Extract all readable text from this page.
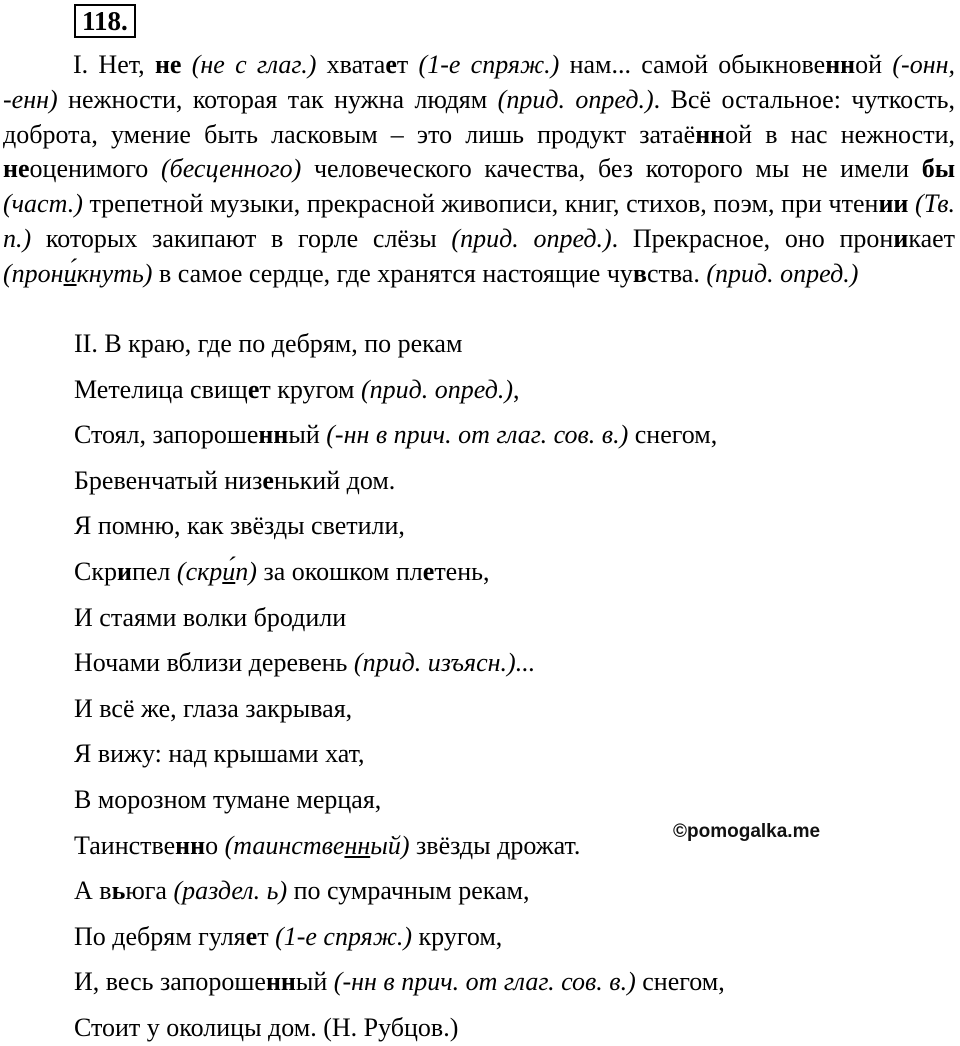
118.
I. Нет, не (не с глаг.) хватaет (1-е спряж.) нам... самой обыкновенной (-онн, -енн) нежности, которая так нужна людям (прид. опред.). Всё остальное: чуткость, доброта, умение быть ласковым – это лишь продукт затаённой в нас нежности, неоценимого (бесценного) человеческого качества, без которого мы не имели бы (част.) трепетной музыки, прекрасной живописи, книг, стихов, поэм, при чтении (Тв. п.) которых закипают в горле слёзы (прид. опред.). Прекрасное, оно проникает (прони́кнуть) в самое сердце, где хранятся настоящие чувства. (прид. опред.)
II. В краю, где по дебрям, по рекам
Метелица свищет кругом (прид. опред.),
Стоял, запорошенный (-нн в прич. от глаг. сов. в.) снегом,
Бревенчатый низенький дом.
Я помню, как звёзды светили,
Скрипел (скри́п) за окошком плетень,
И стаями волки бродили
Ночами вблизи деревень (прид. изъясн.)...
И всё же, глаза закрывая,
Я вижу: над крышами хат,
В морозном тумане мерцая,
Таинственно (таинственный) звёзды дрожат.
А вьюга (раздел. ь) по сумрачным рекам,
По дебрям гуляет (1-е спряж.) кругом,
И, весь запорошенный (-нн в прич. от глаг. сов. в.) снегом,
Стоит у околицы дом. (Н. Рубцов.)
©pomogalka.me
